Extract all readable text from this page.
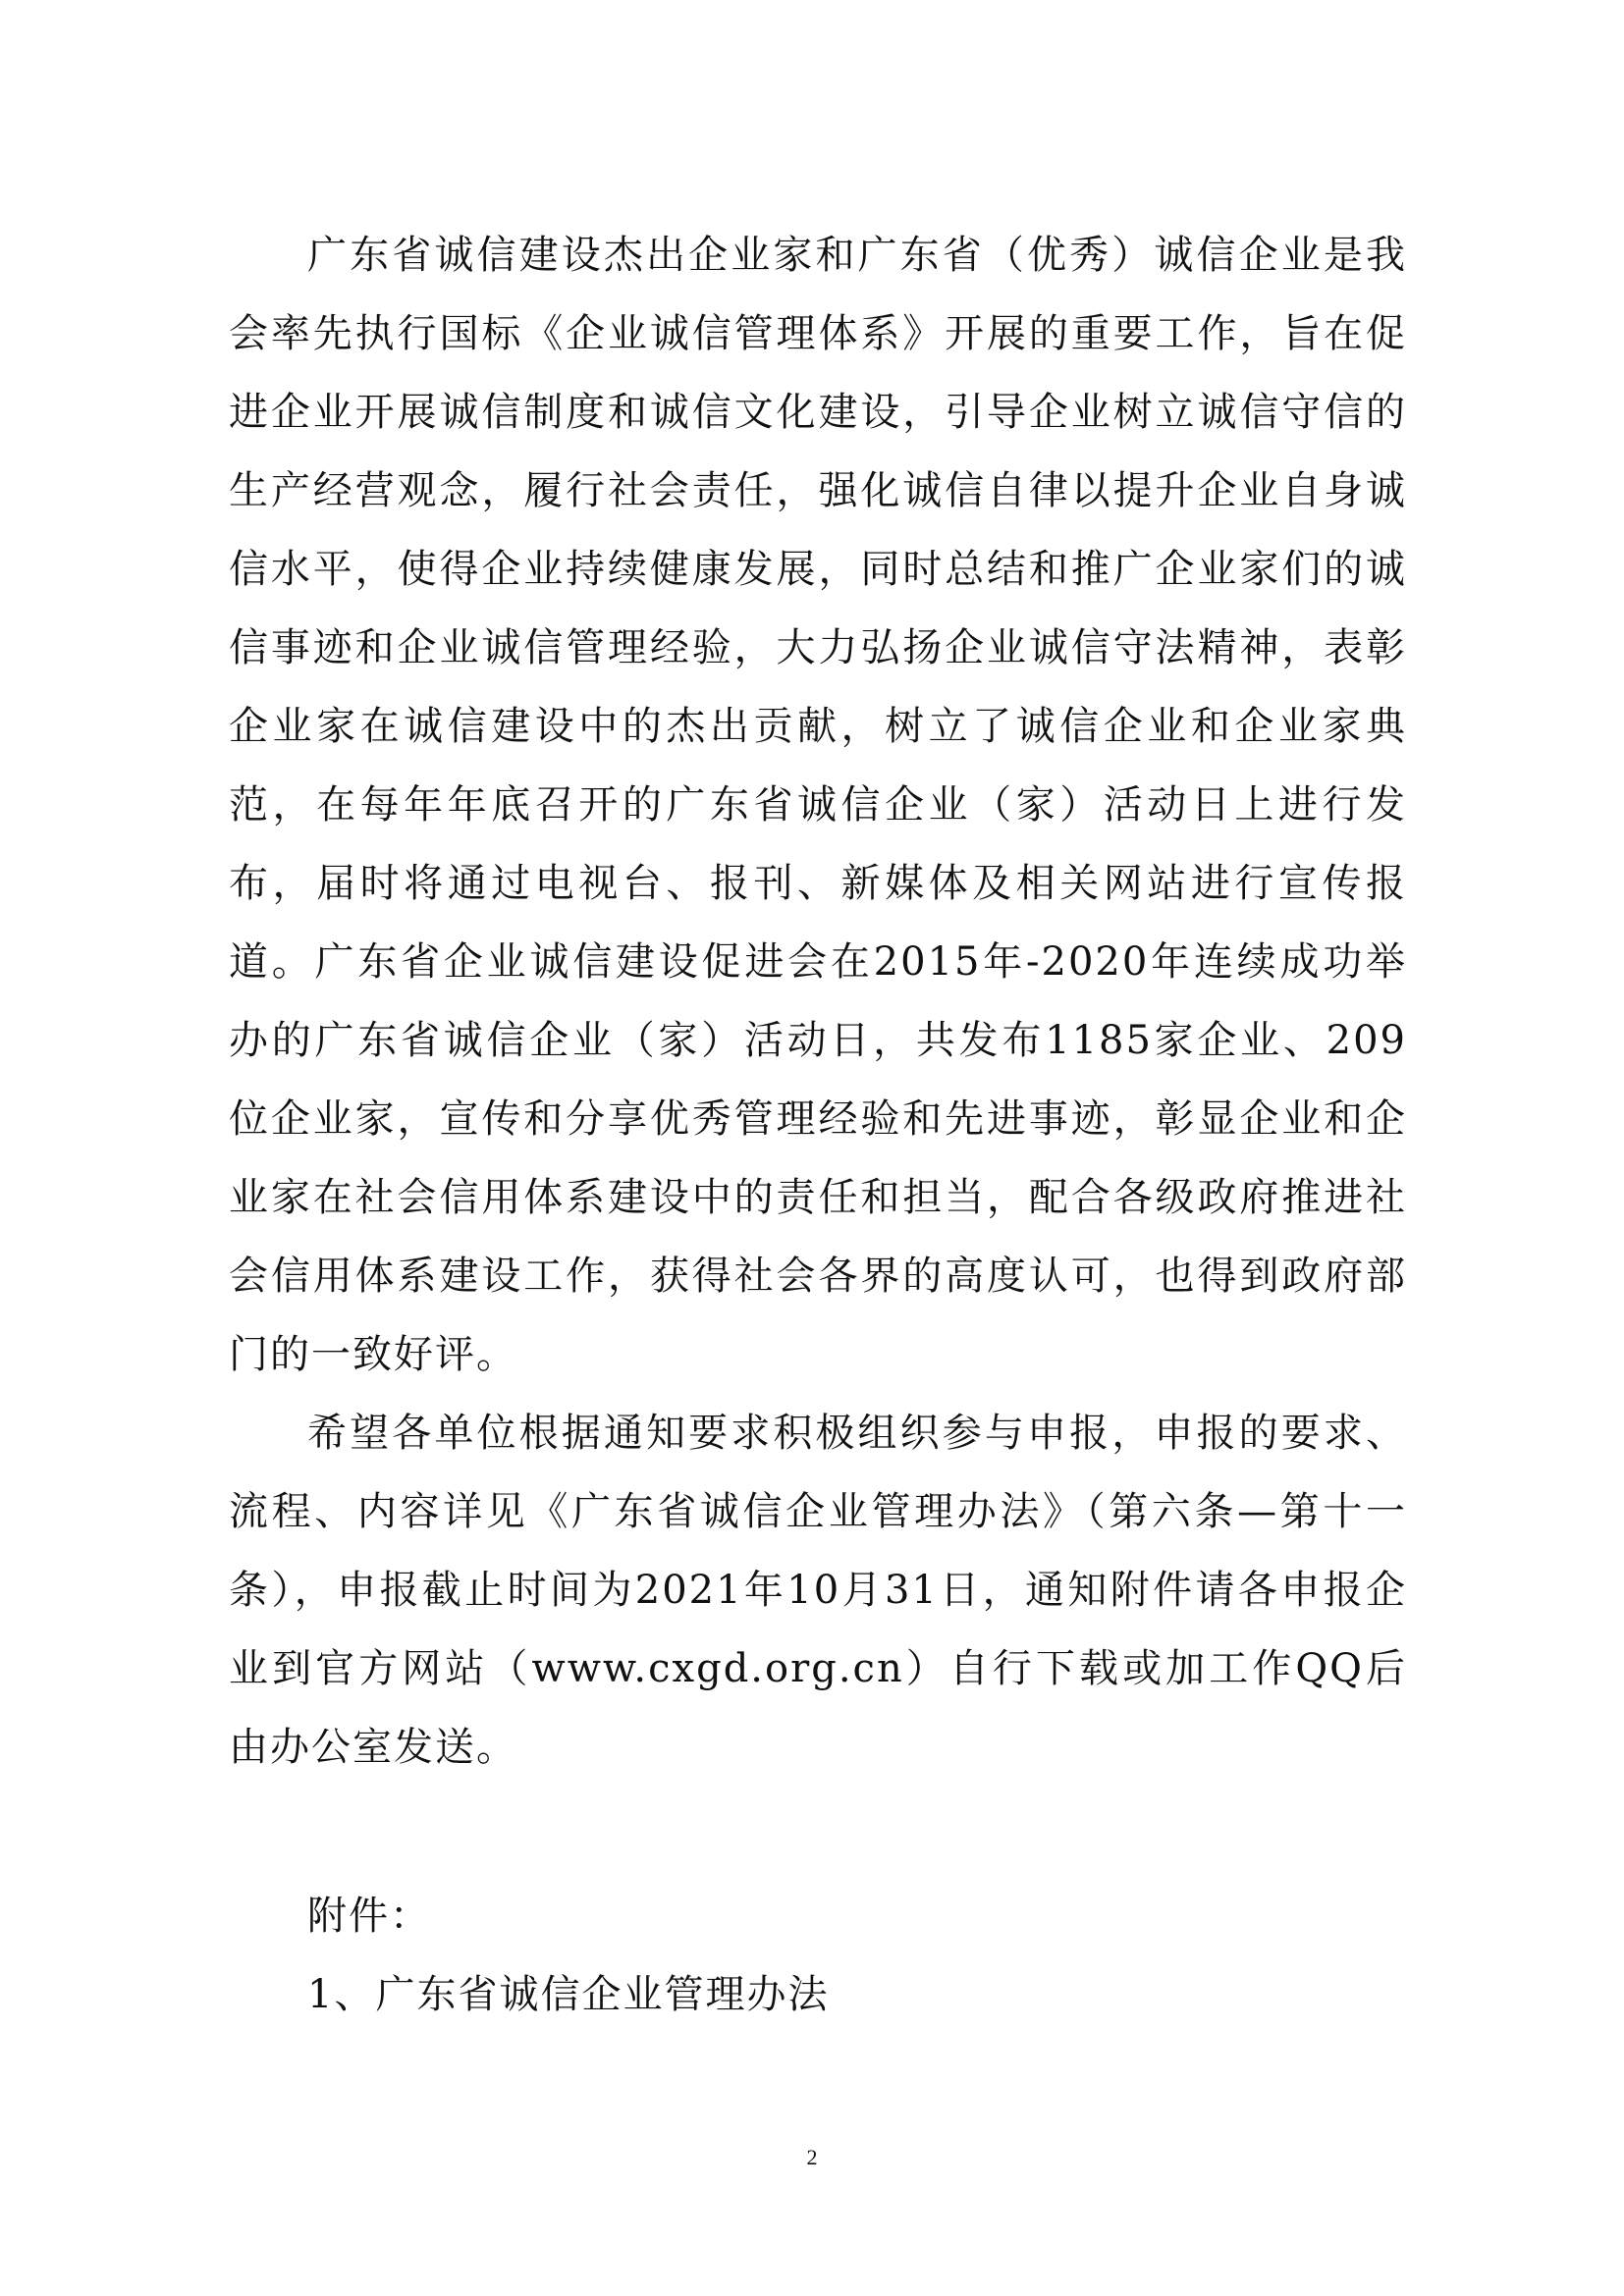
广东省诚信建设杰出企业家和广东省（优秀）诚信企业是我会率先执行国标《企业诚信管理体系》开展的重要工作，旨在促进企业开展诚信制度和诚信文化建设，引导企业树立诚信守信的生产经营观念，履行社会责任，强化诚信自律以提升企业自身诚信水平，使得企业持续健康发展，同时总结和推广企业家们的诚信事迹和企业诚信管理经验，大力弘扬企业诚信守法精神，表彰企业家在诚信建设中的杰出贡献，树立了诚信企业和企业家典范，在每年年底召开的广东省诚信企业（家）活动日上进行发布，届时将通过电视台、报刊、新媒体及相关网站进行宣传报道。广东省企业诚信建设促进会在2015年-2020年连续成功举办的广东省诚信企业（家）活动日，共发布1185家企业、209位企业家，宣传和分享优秀管理经验和先进事迹，彰显企业和企业家在社会信用体系建设中的责任和担当，配合各级政府推进社会信用体系建设工作，获得社会各界的高度认可，也得到政府部门的一致好评。

希望各单位根据通知要求积极组织参与申报，申报的要求、流程、内容详见《广东省诚信企业管理办法》（第六条—第十一条），申报截止时间为2021年10月31日，通知附件请各申报企业到官方网站（www.cxgd.org.cn）自行下载或加工作QQ后由办公室发送。

附件：

1、广东省诚信企业管理办法

2
